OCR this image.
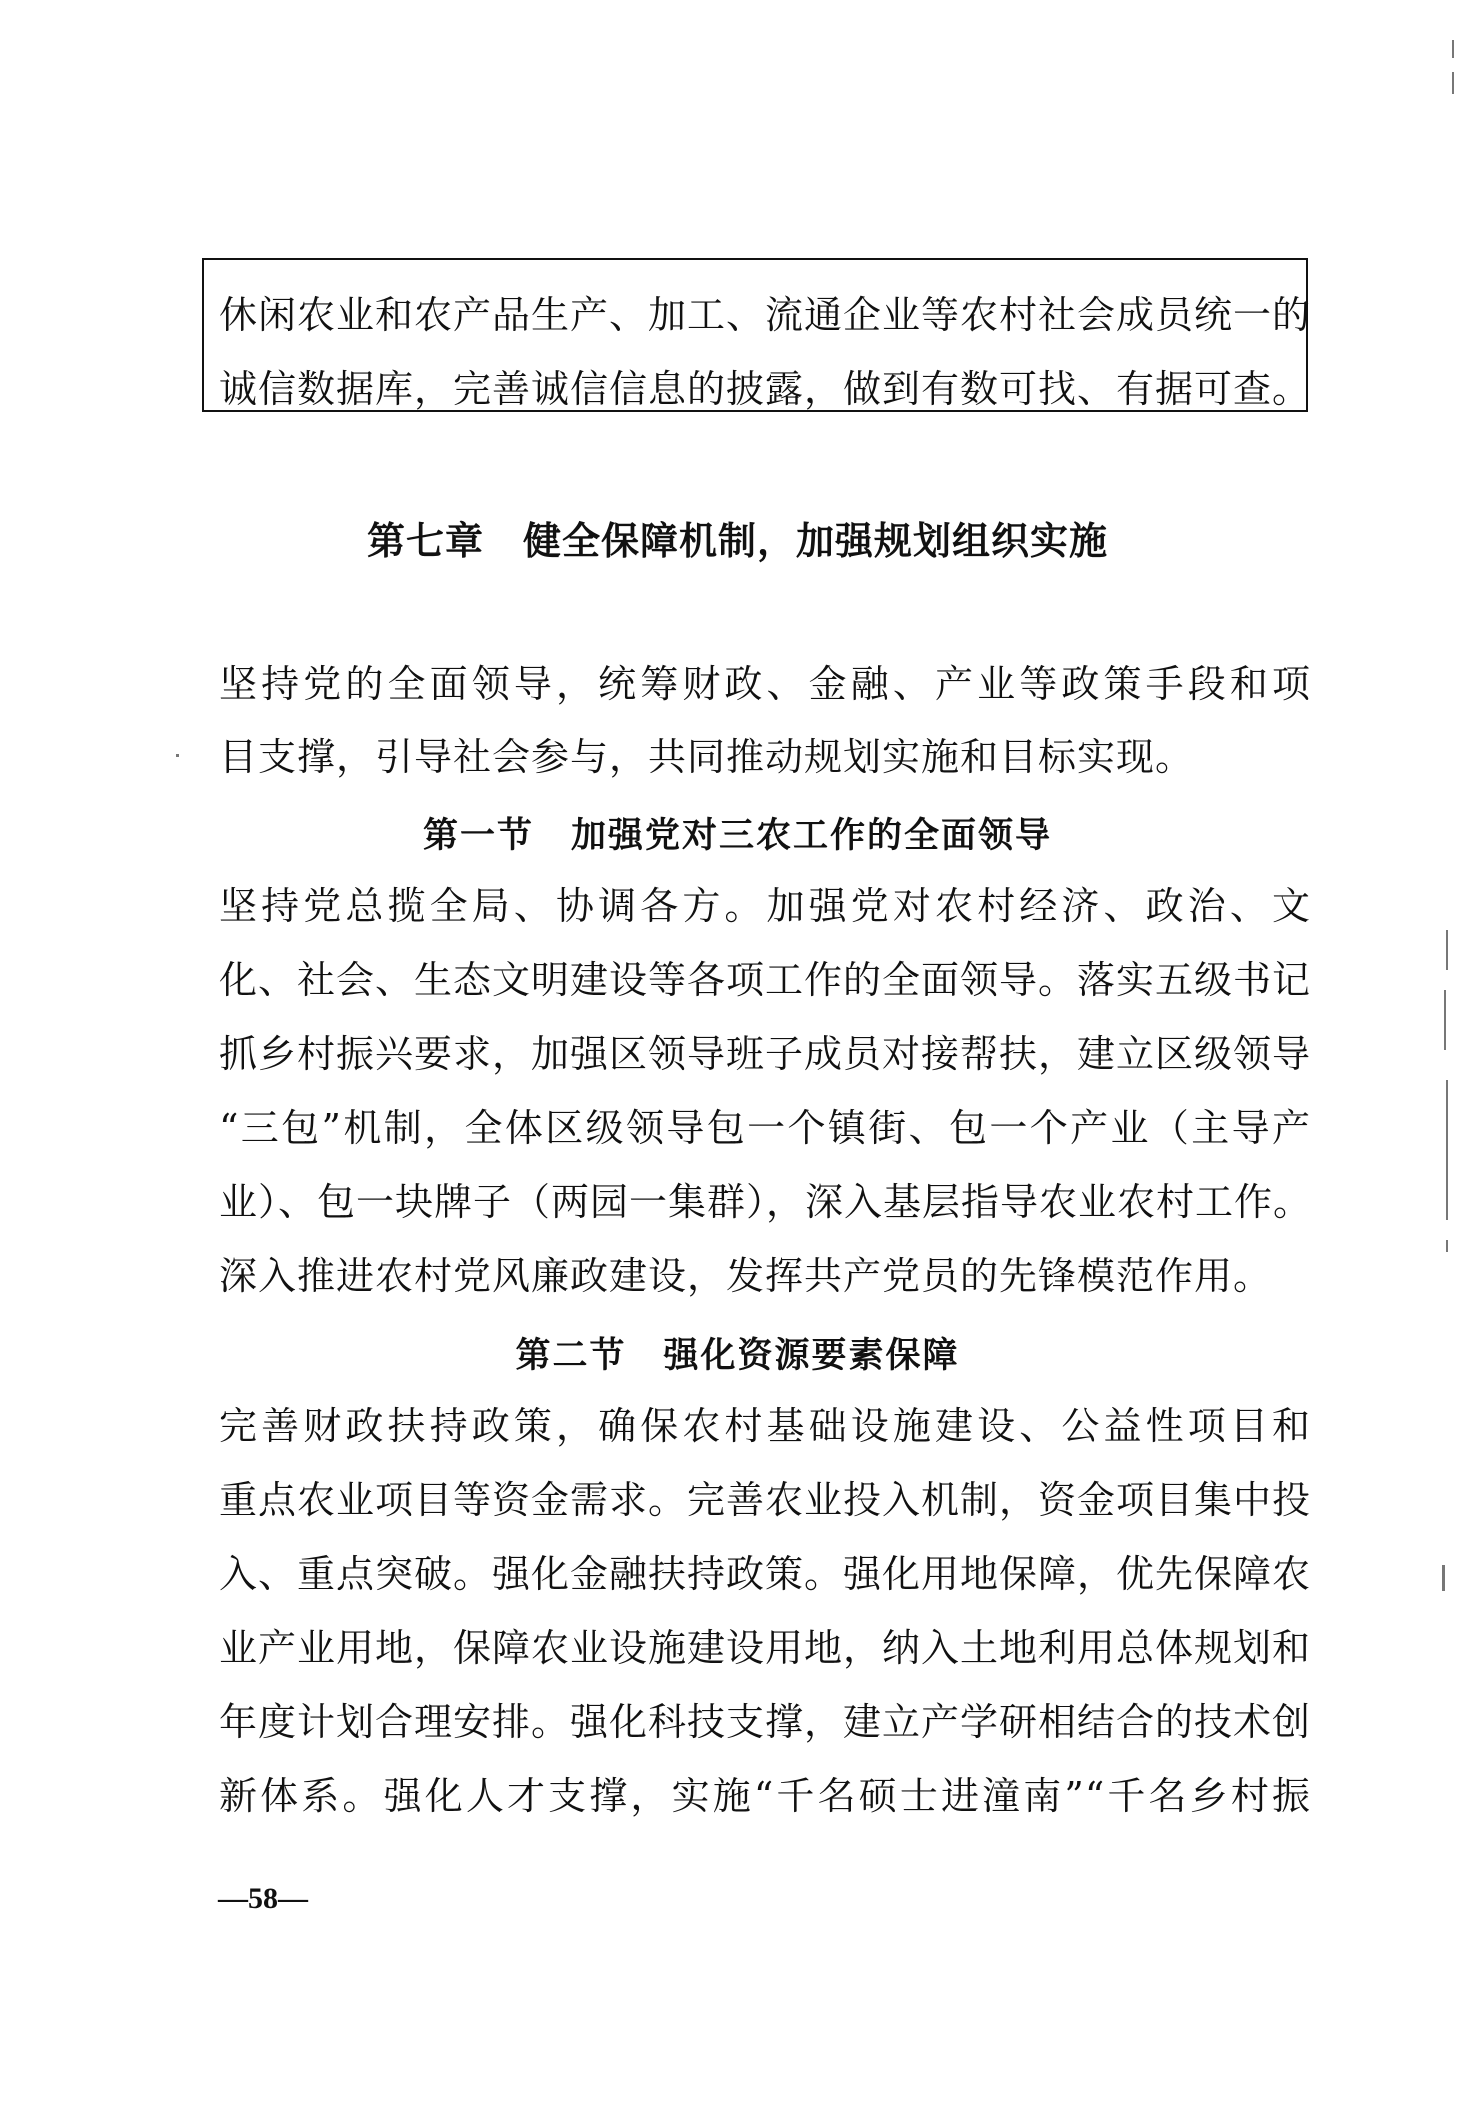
休闲农业和农产品生产、加工、流通企业等农村社会成员统一的
诚信数据库，完善诚信信息的披露，做到有数可找、有据可查。
第七章　健全保障机制，加强规划组织实施
坚持党的全面领导，统筹财政、金融、产业等政策手段和项
目支撑，引导社会参与，共同推动规划实施和目标实现。
第一节　加强党对三农工作的全面领导
坚持党总揽全局、协调各方。加强党对农村经济、政治、文
化、社会、生态文明建设等各项工作的全面领导。落实五级书记
抓乡村振兴要求，加强区领导班子成员对接帮扶，建立区级领导
“三包”机制，全体区级领导包一个镇街、包一个产业（主导产
业）、包一块牌子（两园一集群），深入基层指导农业农村工作。
深入推进农村党风廉政建设，发挥共产党员的先锋模范作用。
第二节　强化资源要素保障
完善财政扶持政策，确保农村基础设施建设、公益性项目和
重点农业项目等资金需求。完善农业投入机制，资金项目集中投
入、重点突破。强化金融扶持政策。强化用地保障，优先保障农
业产业用地，保障农业设施建设用地，纳入土地利用总体规划和
年度计划合理安排。强化科技支撑，建立产学研相结合的技术创
新体系。强化人才支撑，实施“千名硕士进潼南”“千名乡村振
—58—
